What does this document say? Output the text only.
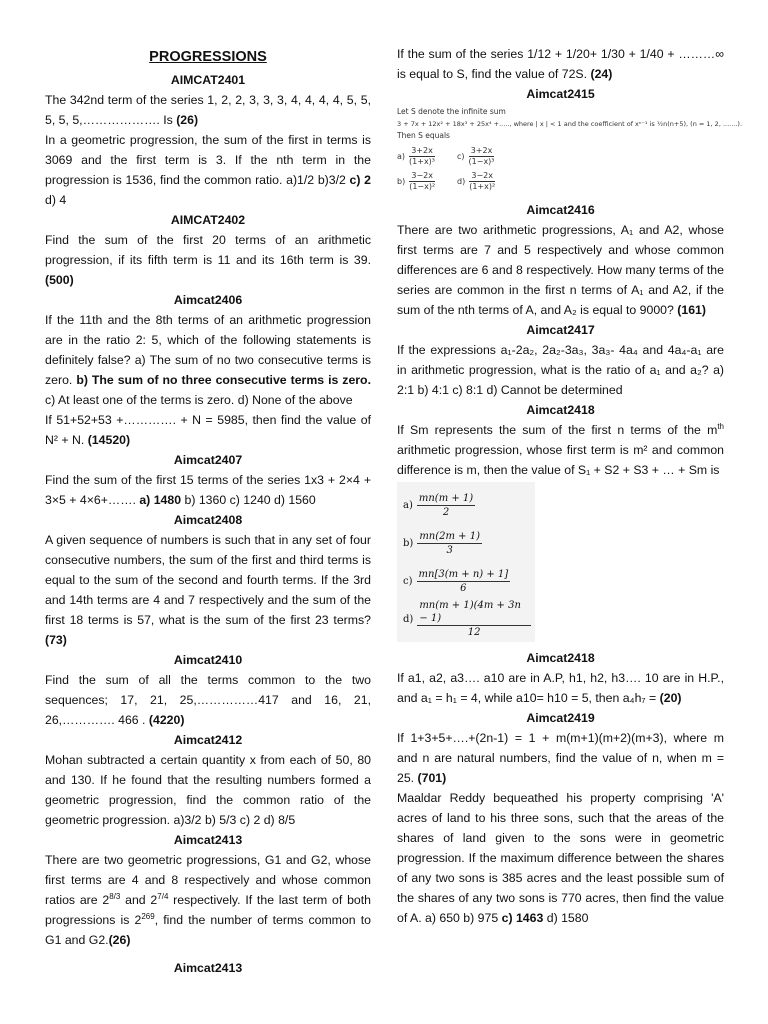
PROGRESSIONS
AIMCAT2401

The 342nd term of the series 1, 2, 2, 3, 3, 3, 4, 4, 4, 4, 5, 5, 5, 5, 5,………………. Is (26)

In a geometric progression, the sum of the first in terms is 3069 and the first term is 3. If the nth term in the progression is 1536, find the common ratio. a)1/2 b)3/2 c) 2 d) 4

AIMCAT2402

Find the sum of the first 20 terms of an arithmetic progression, if its fifth term is 11 and its 16th term is 39.(500)

Aimcat2406

If the 11th and the 8th terms of an arithmetic progression are in the ratio 2: 5, which of the following statements is definitely false? a) The sum of no two consecutive terms is zero. b) The sum of no three consecutive terms is zero. c) At least one of the terms is zero. d) None of the above

If 51+52+53 +…………. + N = 5985, then find the value of N² + N. (14520)

Aimcat2407

Find the sum of the first 15 terms of the series 1x3 + 2×4 + 3×5 + 4×6+……. a) 1480 b) 1360 c) 1240 d) 1560

Aimcat2408

A given sequence of numbers is such that in any set of four consecutive numbers, the sum of the first and third terms is equal to the sum of the second and fourth terms. If the 3rd and 14th terms are 4 and 7 respectively and the sum of the first 18 terms is 57, what is the sum of the first 23 terms? (73)

Aimcat2410

Find the sum of all the terms common to the two sequences; 17, 21, 25,……………417 and 16, 21, 26,…………. 466 . (4220)

Aimcat2412

Mohan subtracted a certain quantity x from each of 50, 80 and 130. If he found that the resulting numbers formed a geometric progression, find the common ratio of the geometric progression. a)3/2 b) 5/3 c) 2 d) 8/5

Aimcat2413

There are two geometric progressions, G1 and G2, whose first terms are 4 and 8 respectively and whose common ratios are $2^{8/3}$ and $2^{7/4}$ respectively. If the last term of both progressions is $2^{269}$, find the number of terms common to G1 and G2.(26)

Aimcat2413

If the sum of the series 1/12 + 1/20+ 1/30 + 1/40 + ………∞ is equal to S, find the value of 72S. (24)

Aimcat2415
Let S denote the infinite sum
3 + 7x + 12x² + 18x³ + 25x⁴ +....., where | x | < 1 and the coefficient of xⁿ⁻¹ is ½n(n+5), (n = 1, 2, .......).
Then S equals
$a) \frac{3+2x}{\text{(1+x)³}}$	$c) \frac{3+2x}{\text{(1−x)³}}$
$b) \frac{3-2x}{\text{(1−x)²}}$	$d) \frac{3-2x}{\text{(1+x)²}}$
Aimcat2416

There are two arithmetic progressions, A₁ and A2, whose first terms are 7 and 5 respectively and whose common differences are 6 and 8 respectively. How many terms of the series are common in the first n terms of A₁ and A2, if the sum of the nth terms of A, and A₂ is equal to 9000? (161)

Aimcat2417

If the expressions a₁-2a₂, 2a₂-3a₃, 3a₃- 4a₄ and 4a₄-a₁ are in arithmetic progression, what is the ratio of a₁ and a₂? a) 2:1 b) 4:1 c) 8:1 d) Cannot be determined

Aimcat2418

If Sm represents the sum of the first n terms of the $m^{th}$ arithmetic progression, whose first term is m² and common difference is m, then the value of S₁ + S2 + S3 + … + Sm is

$a) \frac{mn(m + 1)}{2}$
$b) \frac{mn(2m + 1)}{3}$
$c) \frac{mn[3(m + n) + 1]}{6}$
$d) \frac{mn(m + 1)(4m + 3n - 1)}{12}$
Aimcat2418

If a1, a2, a3…. a10 are in A.P, h1, h2, h3…. 10 are in H.P., and a₁ = h₁ = 4, while a10= h10 = 5, then a₄h₇ = (20)

Aimcat2419

If 1+3+5+….+(2n-1) = 1 + m(m+1)(m+2)(m+3), where m and n are natural numbers, find the value of n, when m = 25. (701)

Maaldar Reddy bequeathed his property comprising 'A' acres of land to his three sons, such that the areas of the shares of land given to the sons were in geometric progression. If the maximum difference between the shares of any two sons is 385 acres and the least possible sum of the shares of any two sons is 770 acres, then find the value of A. a) 650 b) 975 c) 1463 d) 1580
